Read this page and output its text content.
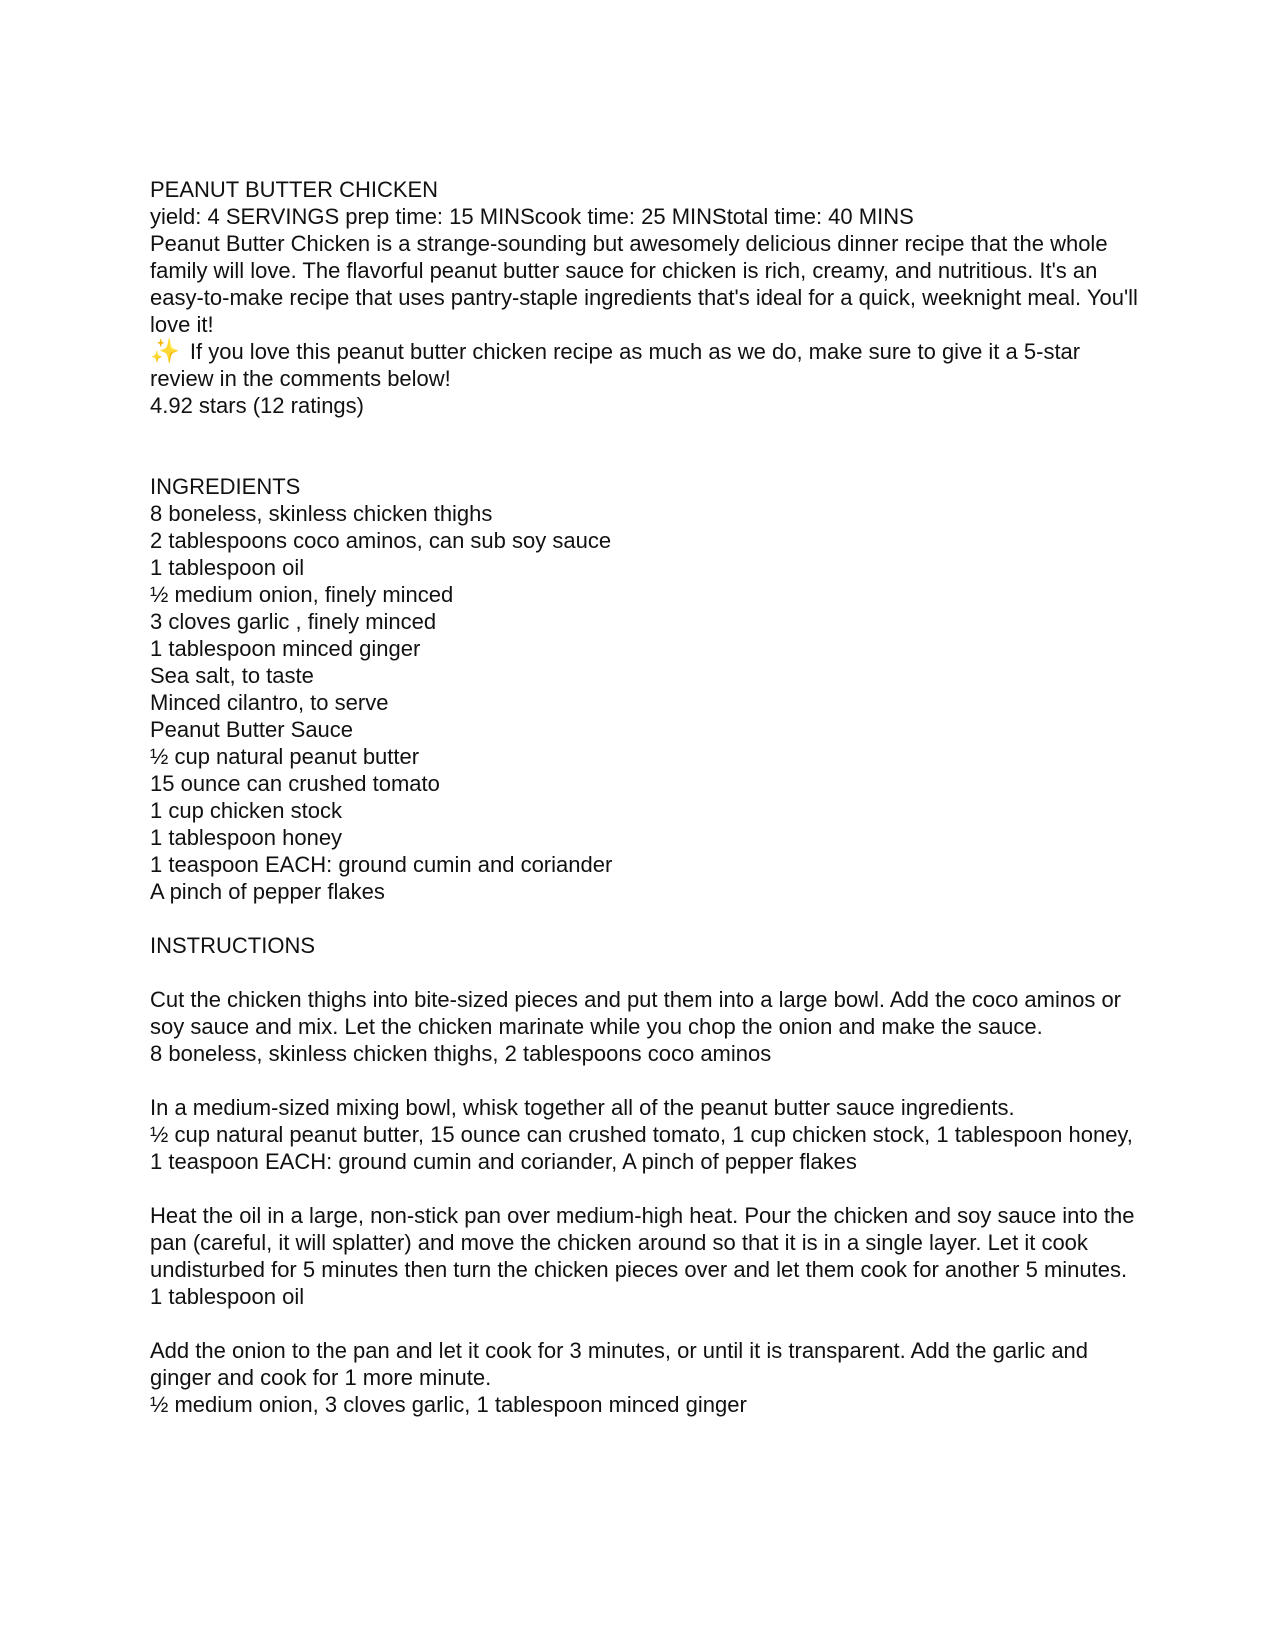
PEANUT BUTTER CHICKEN
yield: 4 SERVINGS prep time: 15 MINScook time: 25 MINStotal time: 40 MINS
Peanut Butter Chicken is a strange-sounding but awesomely delicious dinner recipe that the whole family will love. The flavorful peanut butter sauce for chicken is rich, creamy, and nutritious. It's an easy-to-make recipe that uses pantry-staple ingredients that's ideal for a quick, weeknight meal. You'll love it!
✨ If you love this peanut butter chicken recipe as much as we do, make sure to give it a 5-star review in the comments below!
4.92 stars (12 ratings)
INGREDIENTS
8 boneless, skinless chicken thighs
2 tablespoons coco aminos, can sub soy sauce
1 tablespoon oil
½ medium onion, finely minced
3 cloves garlic , finely minced
1 tablespoon minced ginger
Sea salt, to taste
Minced cilantro, to serve
Peanut Butter Sauce
½ cup natural peanut butter
15 ounce can crushed tomato
1 cup chicken stock
1 tablespoon honey
1 teaspoon EACH: ground cumin and coriander
A pinch of pepper flakes
INSTRUCTIONS
Cut the chicken thighs into bite-sized pieces and put them into a large bowl. Add the coco aminos or soy sauce and mix. Let the chicken marinate while you chop the onion and make the sauce.
8 boneless, skinless chicken thighs, 2 tablespoons coco aminos
In a medium-sized mixing bowl, whisk together all of the peanut butter sauce ingredients.
½ cup natural peanut butter, 15 ounce can crushed tomato, 1 cup chicken stock, 1 tablespoon honey, 1 teaspoon EACH: ground cumin and coriander, A pinch of pepper flakes
Heat the oil in a large, non-stick pan over medium-high heat. Pour the chicken and soy sauce into the pan (careful, it will splatter) and move the chicken around so that it is in a single layer. Let it cook undisturbed for 5 minutes then turn the chicken pieces over and let them cook for another 5 minutes.
1 tablespoon oil
Add the onion to the pan and let it cook for 3 minutes, or until it is transparent. Add the garlic and ginger and cook for 1 more minute.
½ medium onion, 3 cloves garlic, 1 tablespoon minced ginger
